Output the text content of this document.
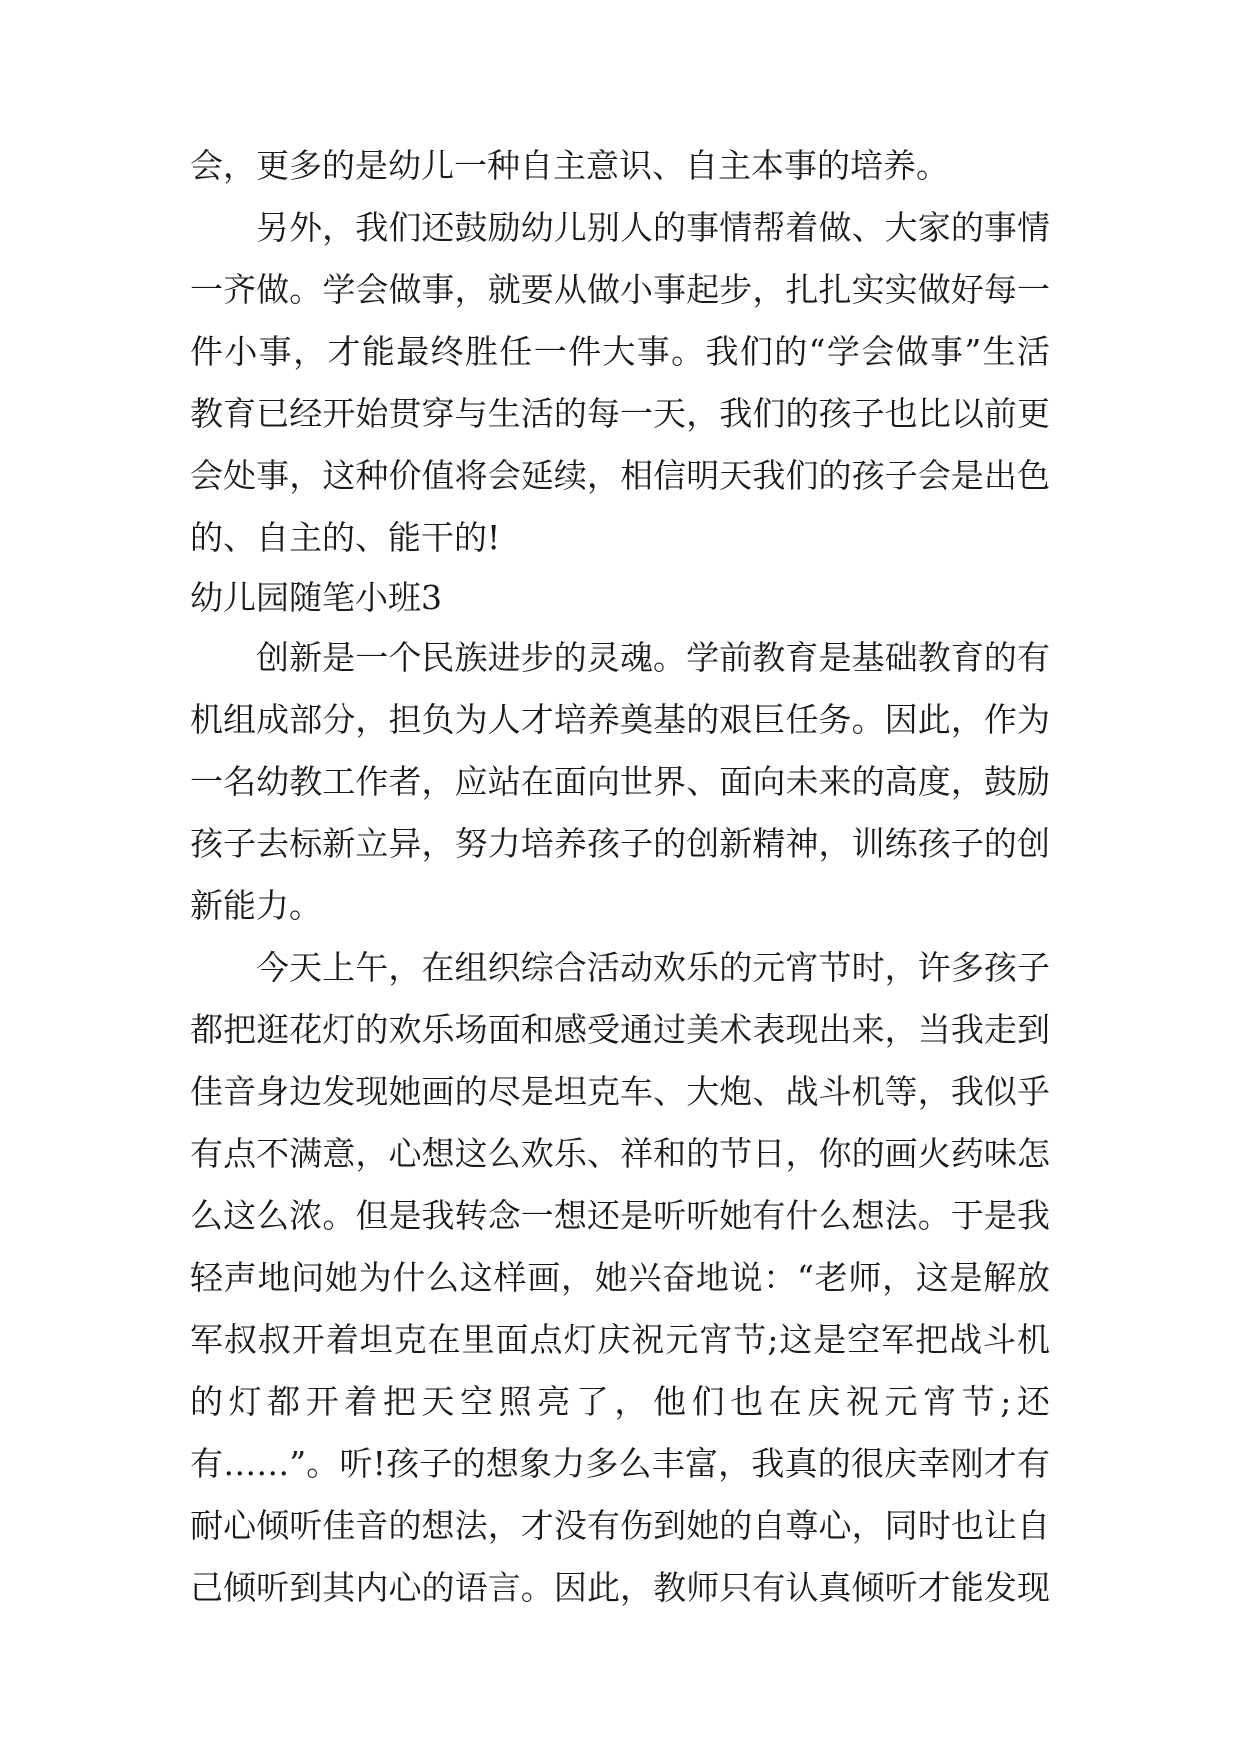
会，更多的是幼儿一种自主意识、自主本事的培养。
另外，我们还鼓励幼儿别人的事情帮着做、大家的事情
一齐做。学会做事，就要从做小事起步，扎扎实实做好每一
件小事，才能最终胜任一件大事。我们的“学会做事”生活
教育已经开始贯穿与生活的每一天，我们的孩子也比以前更
会处事，这种价值将会延续，相信明天我们的孩子会是出色
的、自主的、能干的!
幼儿园随笔小班3
创新是一个民族进步的灵魂。学前教育是基础教育的有
机组成部分，担负为人才培养奠基的艰巨任务。因此，作为
一名幼教工作者，应站在面向世界、面向未来的高度，鼓励
孩子去标新立异，努力培养孩子的创新精神，训练孩子的创
新能力。
今天上午，在组织综合活动欢乐的元宵节时，许多孩子
都把逛花灯的欢乐场面和感受通过美术表现出来，当我走到
佳音身边发现她画的尽是坦克车、大炮、战斗机等，我似乎
有点不满意，心想这么欢乐、祥和的节日，你的画火药味怎
么这么浓。但是我转念一想还是听听她有什么想法。于是我
轻声地问她为什么这样画，她兴奋地说：“老师，这是解放
军叔叔开着坦克在里面点灯庆祝元宵节;这是空军把战斗机
的灯都开着把天空照亮了，他们也在庆祝元宵节;还
有……”。听!孩子的想象力多么丰富，我真的很庆幸刚才有
耐心倾听佳音的想法，才没有伤到她的自尊心，同时也让自
己倾听到其内心的语言。因此，教师只有认真倾听才能发现
